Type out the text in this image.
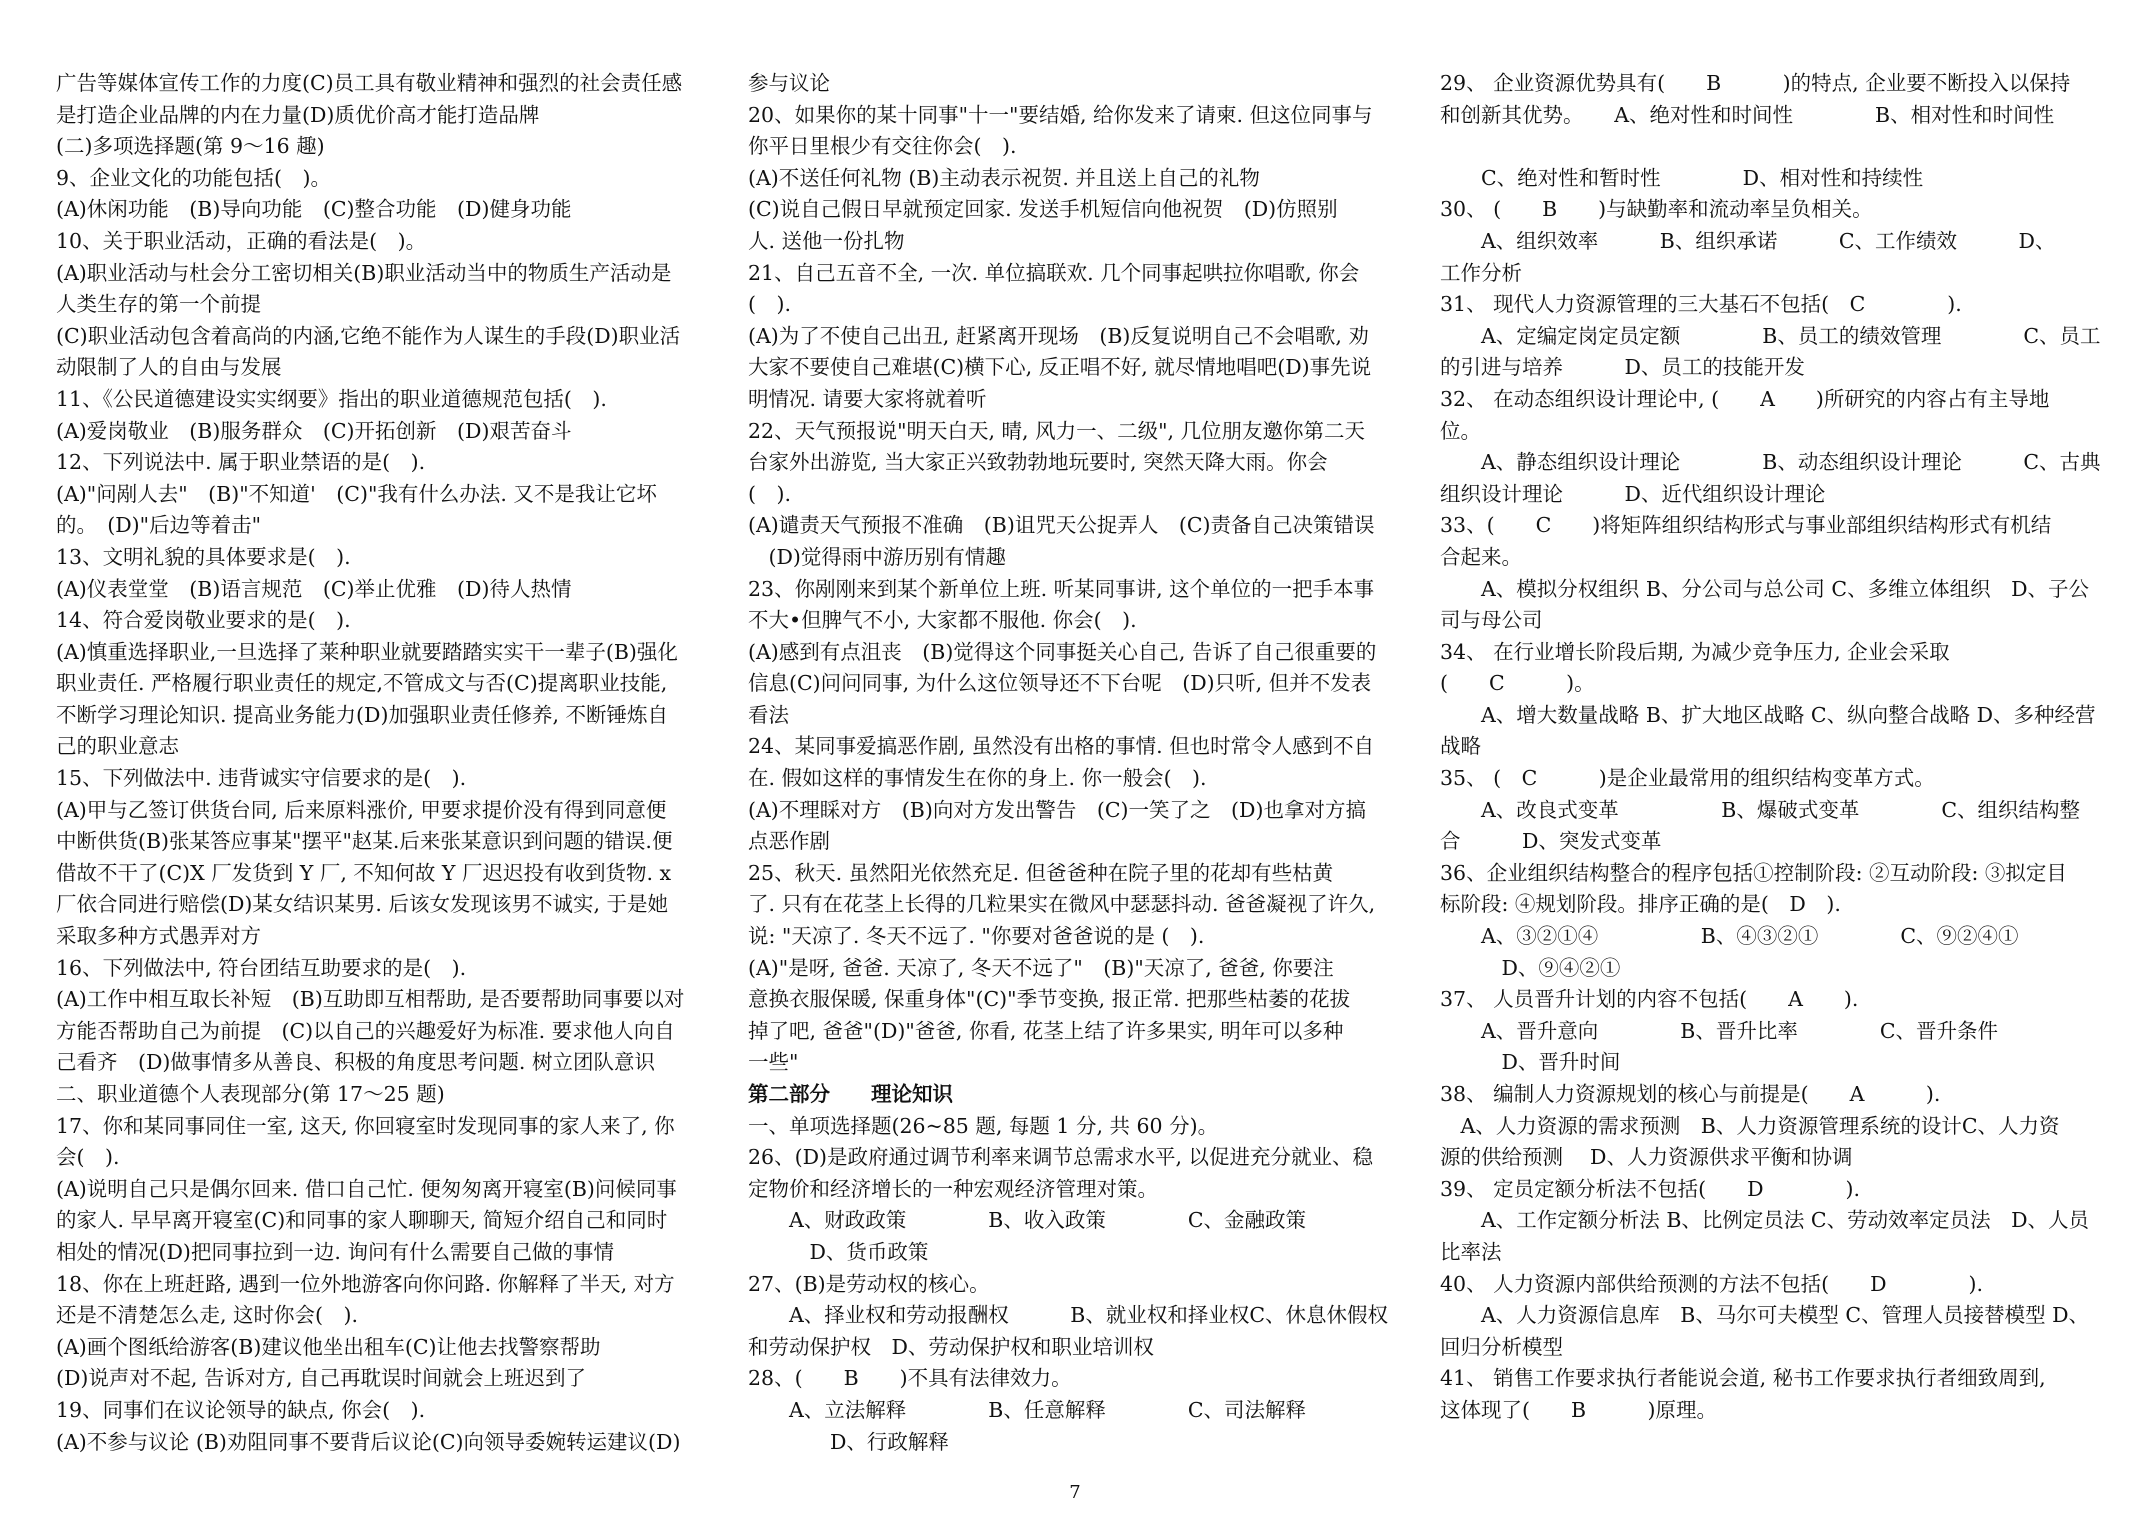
广告等媒体宣传工作的力度(C)员工具有敬业精神和强烈的社会责任感
是打造企业品牌的内在力量(D)质优价高才能打造品牌
(二)多项选择题(第 9～16 趣)
9、企业文化的功能包括(　)。
(A)休闲功能　(B)导向功能　(C)整合功能　(D)健身功能
10、关于职业活动，正确的看法是(　)。
(A)职业活动与杜会分工密切相关(B)职业活动当中的物质生产活动是
人类生存的第一个前提
(C)职业活动包含着高尚的内涵,它绝不能作为人谋生的手段(D)职业活
动限制了人的自由与发展
11、《公民道德建设实实纲要》指出的职业道德规范包括(　).
(A)爱岗敬业　(B)服务群众　(C)开拓创新　(D)艰苦奋斗
12、下列说法中. 属于职业禁语的是(　).
(A)"问剐人去"　(B)"不知道'　(C)"我有什么办法. 又不是我让它坏
的。　(D)"后边等着击"
13、文明礼貌的具体要求是(　).
(A)仪表堂堂　(B)语言规范　(C)举止优雅　(D)待人热情
14、符合爱岗敬业要求的是(　).
(A)慎重选择职业,一旦选择了莱种职业就要踏踏实实干一辈子(B)强化
职业责任. 严格履行职业责任的规定,不管成文与否(C)提离职业技能,
不断学习理论知识. 提高业务能力(D)加强职业责任修养, 不断锤炼自
己的职业意志
15、下列做法中. 违背诚实守信要求的是(　).
(A)甲与乙签订供货台同, 后来原料涨价, 甲要求提价没有得到同意便
中断供货(B)张某答应事某"摆平"赵某.后来张某意识到问题的错误.便
借故不干了(C)X 厂发货到 Y 厂, 不知何故 Y 厂迟迟投有收到货物. x
厂依合同进行赔偿(D)某女结识某男. 后该女发现该男不诚实, 于是她
采取多种方式愚弄对方
16、下列做法中, 符台团结互助要求的是(　).
(A)工作中相互取长补短　(B)互助即互相帮助, 是否要帮助同事要以对
方能否帮助自己为前提　(C)以自己的兴趣爱好为标准. 要求他人向自
己看齐　(D)做事情多从善良、积极的角度思考问题. 树立团队意识
二、职业道德个人表现部分(第 17～25 题)
17、你和某同事同住一室, 这天, 你回寝室时发现同事的家人来了, 你
会(　).
(A)说明自己只是偶尔回来. 借口自己忙. 便匆匆离开寝室(B)问候同事
的家人. 早早离开寝室(C)和同事的家人聊聊天, 简短介绍自己和同时
相处的情况(D)把同事拉到一边. 询问有什么需要自己做的事情
18、你在上班赶路, 遇到一位外地游客向你问路. 你解释了半天, 对方
还是不清楚怎么走, 这时你会(　).
(A)画个图纸给游客(B)建议他坐出租车(C)让他去找警察帮助
(D)说声对不起, 告诉对方, 自己再耽误时间就会上班迟到了
19、同事们在议论领导的缺点, 你会(　).
(A)不参与议论 (B)劝阻同事不要背后议论(C)向领导委婉转运建议(D)
参与议论
20、如果你的某十同事"十一"要结婚, 给你发来了请柬. 但这位同事与
你平日里根少有交往你会(　).
(A)不送任何礼物 (B)主动表示祝贺. 并且送上自己的礼物
(C)说自己假日早就预定回家. 发送手机短信向他祝贺　(D)仿照别
人. 送他一份扎物
21、自己五音不全, 一次. 单位搞联欢. 几个同事起哄拉你唱歌, 你会
(　).
(A)为了不使自己出丑, 赶紧离开现场　(B)反复说明自己不会唱歌, 劝
大家不要使自己难堪(C)横下心, 反正唱不好, 就尽情地唱吧(D)事先说
明情况. 请要大家将就着听
22、天气预报说"明天白天, 晴, 风力一、二级", 几位朋友邀你第二天
台家外出游览, 当大家正兴致勃勃地玩要时, 突然天降大雨。你会
(　).
(A)谴责天气预报不准确　(B)诅咒天公捉弄人　(C)责备自己决策错误
　(D)觉得雨中游历别有情趣
23、你剐刚来到某个新单位上班. 听某同事讲, 这个单位的一把手本事
不大•但脾气不小, 大家都不服他. 你会(　).
(A)感到有点沮丧　(B)觉得这个同事挺关心自己, 告诉了自己很重要的
信息(C)问问同事, 为什么这位领导还不下台呢　(D)只听, 但并不发表
看法
24、某同事爱搞恶作剧, 虽然没有出格的事情. 但也时常令人感到不自
在. 假如这样的事情发生在你的身上. 你一般会(　).
(A)不理睬对方　(B)向对方发出警告　(C)一笑了之　(D)也拿对方搞
点恶作剧
25、秋天. 虽然阳光依然充足. 但爸爸种在院子里的花却有些枯黄
了. 只有在花茎上长得的几粒果实在微风中瑟瑟抖动. 爸爸凝视了许久,
说: "天凉了. 冬天不远了. "你要对爸爸说的是 (　).
(A)"是呀, 爸爸. 天凉了, 冬天不远了"　(B)"天凉了, 爸爸, 你要注
意换衣服保暖, 保重身体"(C)"季节变换, 报正常. 把那些枯萎的花拔
掉了吧, 爸爸"(D)"爸爸, 你看, 花茎上结了许多果实, 明年可以多种
一些"
第二部分　　理论知识
一、单项选择题(26~85 题, 每题 1 分, 共 60 分)。
26、(D)是政府通过调节利率来调节总需求水平, 以促进充分就业、稳
定物价和经济增长的一种宏观经济管理对策。
　　A、财政政策　　　　B、收入政策　　　　C、金融政策
　　　D、货币政策
27、(B)是劳动权的核心。
　　A、择业权和劳动报酬权　　　B、就业权和择业权C、休息休假权
和劳动保护权　D、劳动保护权和职业培训权
28、(　　B　　)不具有法律效力。
　　A、立法解释　　　　B、任意解释　　　　C、司法解释
　　　　D、行政解释
29、 企业资源优势具有(　　B　　　)的特点, 企业要不断投入以保持
和创新其优势。　　A、绝对性和时间性　　　　B、相对性和时间性
　　C、绝对性和暂时性　　　　D、相对性和持续性
30、 (　　B　　)与缺勤率和流动率呈负相关。
　　A、组织效率　　　B、组织承诺　　　C、工作绩效　　　D、
工作分析
31、 现代人力资源管理的三大基石不包括(　C　　　　).
　　A、定编定岗定员定额　　　　B、员工的绩效管理　　　　C、员工
的引进与培养　　　D、员工的技能开发
32、 在动态组织设计理论中, (　　A　　)所研究的内容占有主导地
位。
　　A、静态组织设计理论　　　　B、动态组织设计理论　　　C、古典
组织设计理论　　　D、近代组织设计理论
33、(　　C　　)将矩阵组织结构形式与事业部组织结构形式有机结
合起来。
　　A、模拟分权组织 B、分公司与总公司 C、多维立体组织　D、子公
司与母公司
34、 在行业增长阶段后期, 为减少竞争压力, 企业会采取
(　　C　　　)。
　　A、增大数量战略 B、扩大地区战略 C、纵向整合战略 D、多种经营
战略
35、 (　C　　　)是企业最常用的组织结构变革方式。
　　A、改良式变革　　　　　B、爆破式变革　　　　C、组织结构整
合　　　D、突发式变革
36、企业组织结构整合的程序包括①控制阶段: ②互动阶段: ③拟定目
标阶段: ④规划阶段。排序正确的是(　D　).
　　A、③②①④　　　　　B、④③②①　　　　C、⑨②④①
　　　D、⑨④②①
37、 人员晋升计划的内容不包括(　　A　　).
　　A、晋升意向　　　　B、晋升比率　　　　C、晋升条件
　　　D、晋升时间
38、 编制人力资源规划的核心与前提是(　　A　　　).
　A、人力资源的需求预测　B、人力资源管理系统的设计C、人力资
源的供给预测　 D、人力资源供求平衡和协调
39、 定员定额分析法不包括(　　D　　　　).
　　A、工作定额分析法 B、比例定员法 C、劳动效率定员法　D、人员
比率法
40、 人力资源内部供给预测的方法不包括(　　D　　　　).
　　A、人力资源信息库　B、马尔可夫模型 C、管理人员接替模型 D、
回归分析模型
41、 销售工作要求执行者能说会道, 秘书工作要求执行者细致周到,
这体现了(　　B　　　)原理。
7
